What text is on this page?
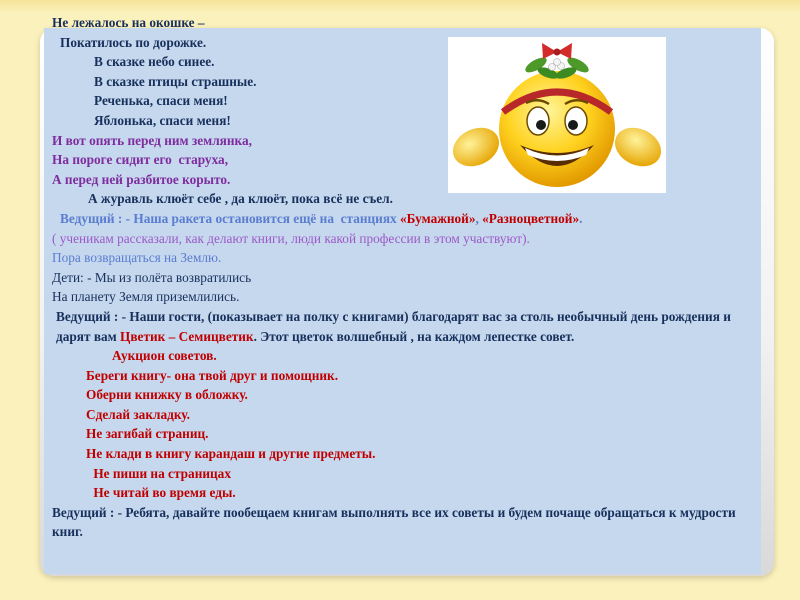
Не лежалось на окошке –
Покатилось по дорожке.
В сказке небо синее.
В сказке птицы страшные.
Реченька, спаси меня!
Яблонька, спаси меня!
И вот опять перед ним землянка,
На пороге сидит его  старуха,
А перед ней разбитое корыто.
А журавль клюёт себе , да клюёт, пока всё не съел.
Ведущий : - Наша ракета остановится ещё на  станциях «Бумажной», «Разноцветной».
( ученикам рассказали, как делают книги, люди какой профессии в этом участвуют).
Пора возвращаться на Землю.
Дети: - Мы из полёта возвратились
На планету Земля приземлились.
Ведущий : - Наши гости, (показывает на полку с книгами) благодарят вас за столь необычный день рождения и дарят вам Цветик – Семицветик. Этот цветок волшебный , на каждом лепестке совет.
Аукцион советов.
Береги книгу- она твой друг и помощник.
Оберни книжку в обложку.
Сделай закладку.
Не загибай страниц.
Не клади в книгу карандаш и другие предметы.
Не пиши на страницах
Не читай во время еды.
Ведущий : - Ребята, давайте пообещаем книгам выполнять все их советы и будем почаще обращаться к мудрости книг.
